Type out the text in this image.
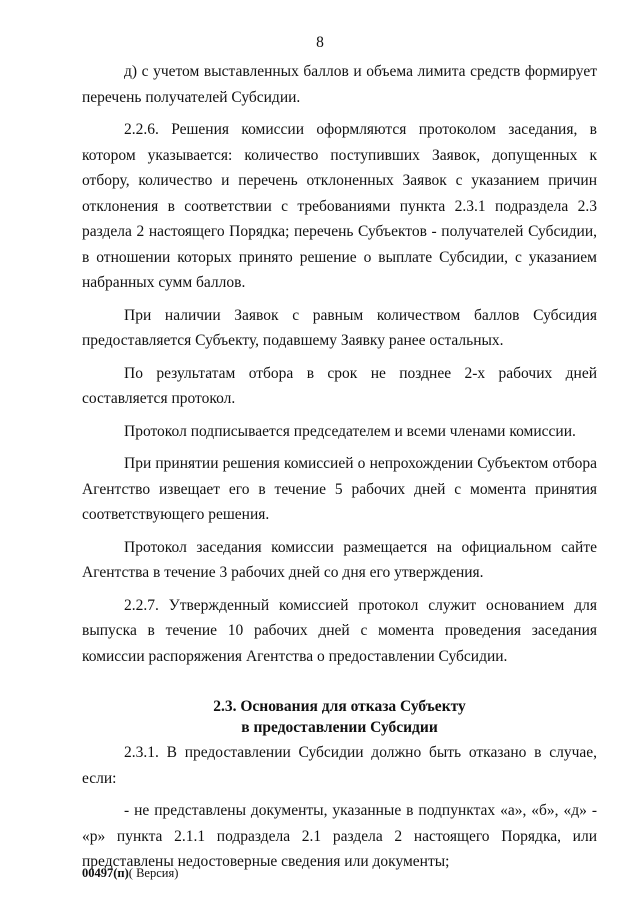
8

д) с учетом выставленных баллов и объема лимита средств формирует перечень получателей Субсидии.

2.2.6. Решения комиссии оформляются протоколом заседания, в котором указывается: количество поступивших Заявок, допущенных к отбору, количество и перечень отклоненных Заявок с указанием причин отклонения в соответствии с требованиями пункта 2.3.1 подраздела 2.3 раздела 2 настоящего Порядка; перечень Субъектов - получателей Субсидии, в отношении которых принято решение о выплате Субсидии, с указанием набранных сумм баллов.

При наличии Заявок с равным количеством баллов Субсидия предоставляется Субъекту, подавшему Заявку ранее остальных.

По результатам отбора в срок не позднее 2-х рабочих дней составляется протокол.

Протокол подписывается председателем и всеми членами комиссии.

При принятии решения комиссией о непрохождении Субъектом отбора Агентство извещает его в течение 5 рабочих дней с момента принятия соответствующего решения.

Протокол заседания комиссии размещается на официальном сайте Агентства в течение 3 рабочих дней со дня его утверждения.

2.2.7. Утвержденный комиссией протокол служит основанием для выпуска в течение 10 рабочих дней с момента проведения заседания комиссии распоряжения Агентства о предоставлении Субсидии.

2.3. Основания для отказа Субъекту
в предоставлении Субсидии

2.3.1. В предоставлении Субсидии должно быть отказано в случае, если:

- не представлены документы, указанные в подпунктах «а», «б», «д» - «р» пункта 2.1.1 подраздела 2.1 раздела 2 настоящего Порядка, или представлены недостоверные сведения или документы;

00497(п)( Версия)
